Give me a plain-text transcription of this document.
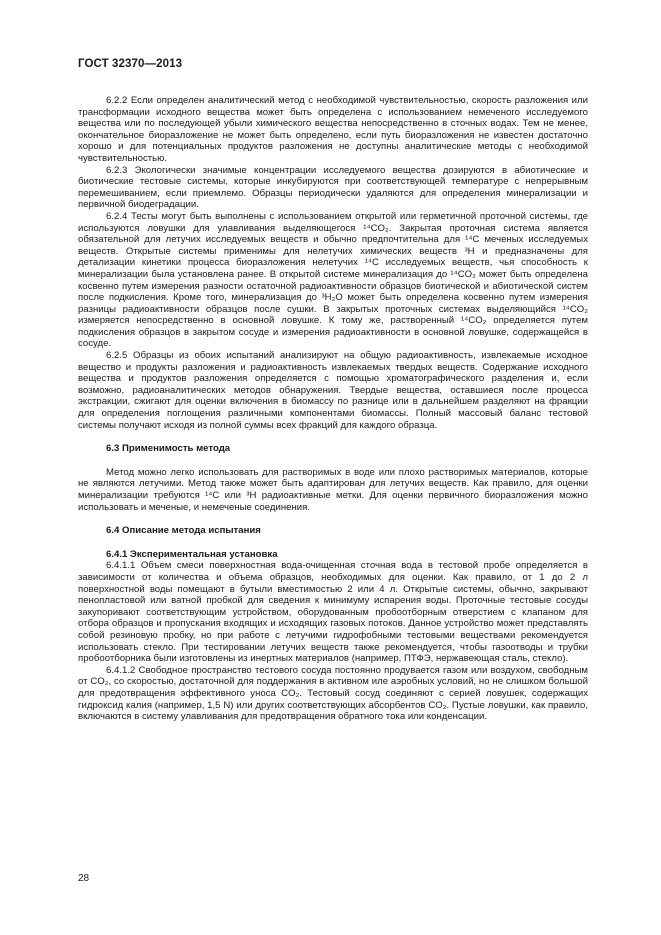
ГОСТ 32370—2013

6.2.2 Если определен аналитический метод с необходимой чувствительностью, скорость разложения или трансформации исходного вещества может быть определена с использованием немеченого исследуемого вещества или по последующей убыли химического вещества непосредственно в сточных водах. Тем не менее, окончательное биоразложение не может быть определено, если путь биоразложения не известен достаточно хорошо и для потенциальных продуктов разложения не доступны аналитические методы с необходимой чувствительностью.

6.2.3 Экологически значимые концентрации исследуемого вещества дозируются в абиотические и биотические тестовые системы, которые инкубируются при соответствующей температуре с непрерывным перемешиванием, если приемлемо. Образцы периодически удаляются для определения минерализации и первичной биодеградации.

6.2.4 Тесты могут быть выполнены с использованием открытой или герметичной проточной системы, где используются ловушки для улавливания выделяющегося ¹⁴CO₂. Закрытая проточная система является обязательной для летучих исследуемых веществ и обычно предпочтительна для ¹⁴C меченых исследуемых веществ. Открытые системы применимы для нелетучих химических веществ ³H и предназначены для детализации кинетики процесса биоразложения нелетучих ¹⁴C исследуемых веществ, чья способность к минерализации была установлена ранее. В открытой системе минерализация до ¹⁴CO₂ может быть определена косвенно путем измерения разности остаточной радиоактивности образцов биотической и абиотической систем после подкисления. Кроме того, минерализация до ³H₂O может быть определена косвенно путем измерения разницы радиоактивности образцов после сушки. В закрытых проточных системах выделяющийся ¹⁴CO₂ измеряется непосредственно в основной ловушке. К тому же, растворенный ¹⁴CO₂ определяется путем подкисления образцов в закрытом сосуде и измерения радиоактивности в основной ловушке, содержащейся в сосуде.

6.2.5 Образцы из обоих испытаний анализируют на общую радиоактивность, извлекаемые исходное вещество и продукты разложения и радиоактивность извлекаемых твердых веществ. Содержание исходного вещества и продуктов разложения определяется с помощью хроматографического разделения и, если возможно, радиоаналитических методов обнаружения. Твердые вещества, оставшиеся после процесса экстракции, сжигают для оценки включения в биомассу по разнице или в дальнейшем разделяют на фракции для определения поглощения различными компонентами биомассы. Полный массовый баланс тестовой системы получают исходя из полной суммы всех фракций для каждого образца.

6.3 Применимость метода

Метод можно легко использовать для растворимых в воде или плохо растворимых материалов, которые не являются летучими. Метод также может быть адаптирован для летучих веществ. Как правило, для оценки минерализации требуются ¹⁴C или ³H радиоактивные метки. Для оценки первичного биоразложения можно использовать и меченые, и немеченые соединения.

6.4 Описание метода испытания
6.4.1 Экспериментальная установка

6.4.1.1 Объем смеси поверхностная вода-очищенная сточная вода в тестовой пробе определяется в зависимости от количества и объема образцов, необходимых для оценки. Как правило, от 1 до 2 л поверхностной воды помещают в бутыли вместимостью 2 или 4 л. Открытые системы, обычно, закрывают пенопластовой или ватной пробкой для сведения к минимуму испарения воды. Проточные тестовые сосуды закупоривают соответствующим устройством, оборудованным пробоотборным отверстием с клапаном для отбора образцов и пропускания входящих и исходящих газовых потоков. Данное устройство может представлять собой резиновую пробку, но при работе с летучими гидрофобными тестовыми веществами рекомендуется использовать стекло. При тестировании летучих веществ также рекомендуется, чтобы газоотводы и трубки пробоотборника были изготовлены из инертных материалов (например, ПТФЭ, нержавеющая сталь, стекло).

6.4.1.2 Свободное пространство тестового сосуда постоянно продувается газом или воздухом, свободным от CO₂, со скоростью, достаточной для поддержания в активном иле аэробных условий, но не слишком большой для предотвращения эффективного уноса CO₂. Тестовый сосуд соединяют с серией ловушек, содержащих гидроксид калия (например, 1,5 N) или других соответствующих абсорбентов CO₂. Пустые ловушки, как правило, включаются в систему улавливания для предотвращения обратного тока или конденсации.

28
